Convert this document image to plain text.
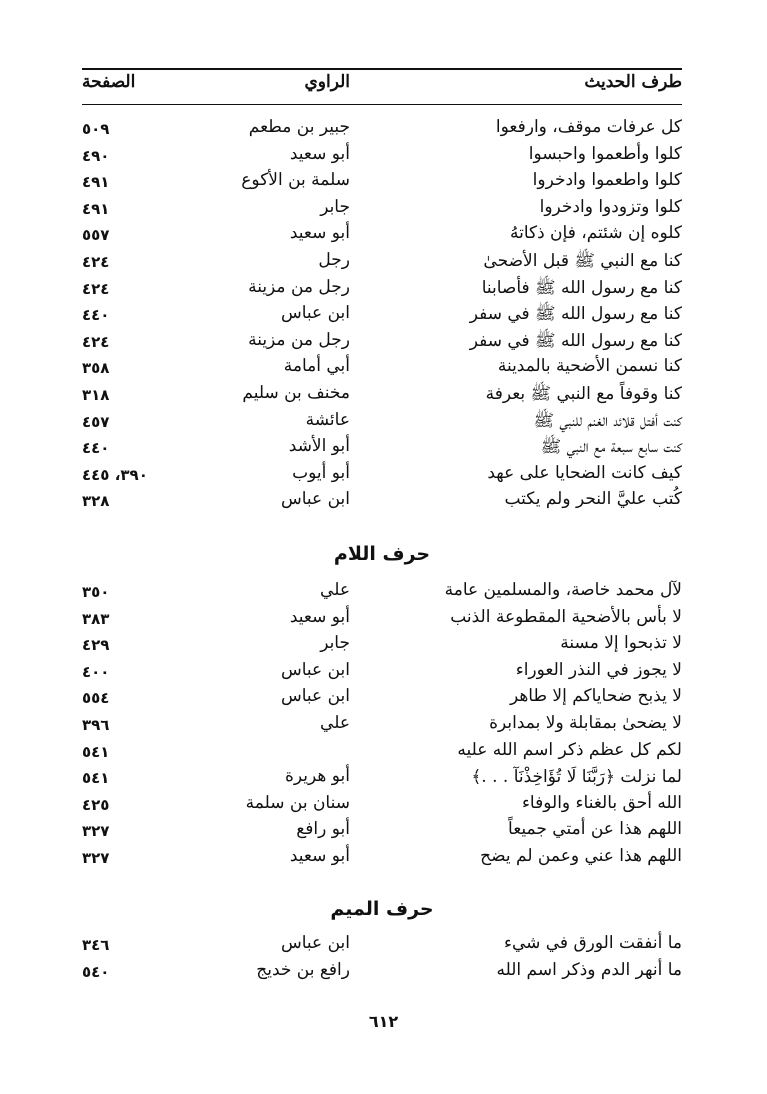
طرف الحديث
الراوي
الصفحة
كل عرفات موقف، وارفعوا
جبير بن مطعم
٥٠٩
كلوا وأطعموا واحبسوا
أبو سعيد
٤٩٠
كلوا واطعموا وادخروا
سلمة بن الأكوع
٤٩١
كلوا وتزودوا وادخروا
جابر
٤٩١
كلوه إن شئتم، فإن ذكاتهُ
أبو سعيد
٥٥٧
كنا مع النبي ﷺ قبل الأضحىٰ
رجل
٤٢٤
كنا مع رسول الله ﷺ فأصابنا
رجل من مزينة
٤٢٤
كنا مع رسول الله ﷺ في سفر
ابن عباس
٤٤٠
كنا مع رسول الله ﷺ في سفر
رجل من مزينة
٤٢٤
كنا نسمن الأضحية بالمدينة
أبي أمامة
٣٥٨
كنا وقوفاً مع النبي ﷺ بعرفة
مخنف بن سليم
٣١٨
كنت أفتل قلائد الغنم للنبي ﷺ
عائشة
٤٥٧
كنت سابع سبعة مع النبي ﷺ
أبو الأشد
٤٤٠
كيف كانت الضحايا على عهد
أبو أيوب
٣٩٠، ٤٤٥
كُتب عليَّ النحر ولم يكتب
ابن عباس
٣٢٨
حرف اللام
لآل محمد خاصة، والمسلمين عامة
علي
٣٥٠
لا بأس بالأضحية المقطوعة الذنب
أبو سعيد
٣٨٣
لا تذبحوا إلا مسنة
جابر
٤٢٩
لا يجوز في النذر العوراء
ابن عباس
٤٠٠
لا يذبح ضحاياكم إلا طاهر
ابن عباس
٥٥٤
لا يضحىٰ بمقابلة ولا بمدابرة
علي
٣٩٦
لكم كل عظم ذكر اسم الله عليه
٥٤١
لما نزلت ﴿رَبَّنَا لَا تُؤَاخِذْنَآ . . .﴾
أبو هريرة
٥٤١
الله أحق بالغناء والوفاء
سنان بن سلمة
٤٢٥
اللهم هذا عن أمتي جميعاً
أبو رافع
٣٢٧
اللهم هذا عني وعمن لم يضح
أبو سعيد
٣٢٧
حرف الميم
ما أنفقت الورق في شيء
ابن عباس
٣٤٦
ما أنهر الدم وذكر اسم الله
رافع بن خديج
٥٤٠
٦١٢
